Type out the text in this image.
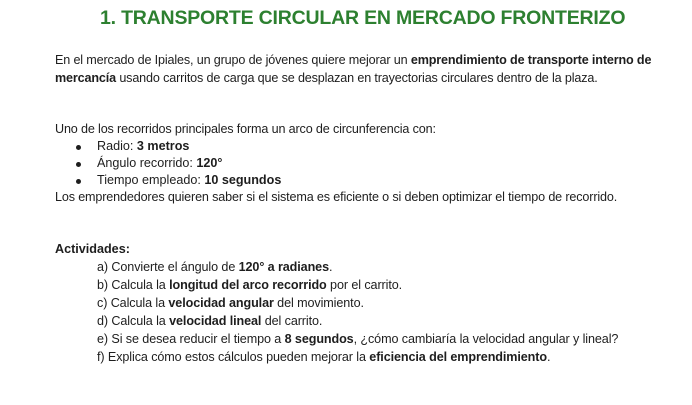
1. TRANSPORTE CIRCULAR EN MERCADO FRONTERIZO

En el mercado de Ipiales, un grupo de jóvenes quiere mejorar un emprendimiento de transporte interno de mercancía usando carritos de carga que se desplazan en trayectorias circulares dentro de la plaza.

Uno de los recorridos principales forma un arco de circunferencia con:

Radio: 3 metros
Ángulo recorrido: 120°
Tiempo empleado: 10 segundos

Los emprendedores quieren saber si el sistema es eficiente o si deben optimizar el tiempo de recorrido.

Actividades:

a) Convierte el ángulo de 120° a radianes.
b) Calcula la longitud del arco recorrido por el carrito.
c) Calcula la velocidad angular del movimiento.
d) Calcula la velocidad lineal del carrito.
e) Si se desea reducir el tiempo a 8 segundos, ¿cómo cambiaría la velocidad angular y lineal?
f) Explica cómo estos cálculos pueden mejorar la eficiencia del emprendimiento.
